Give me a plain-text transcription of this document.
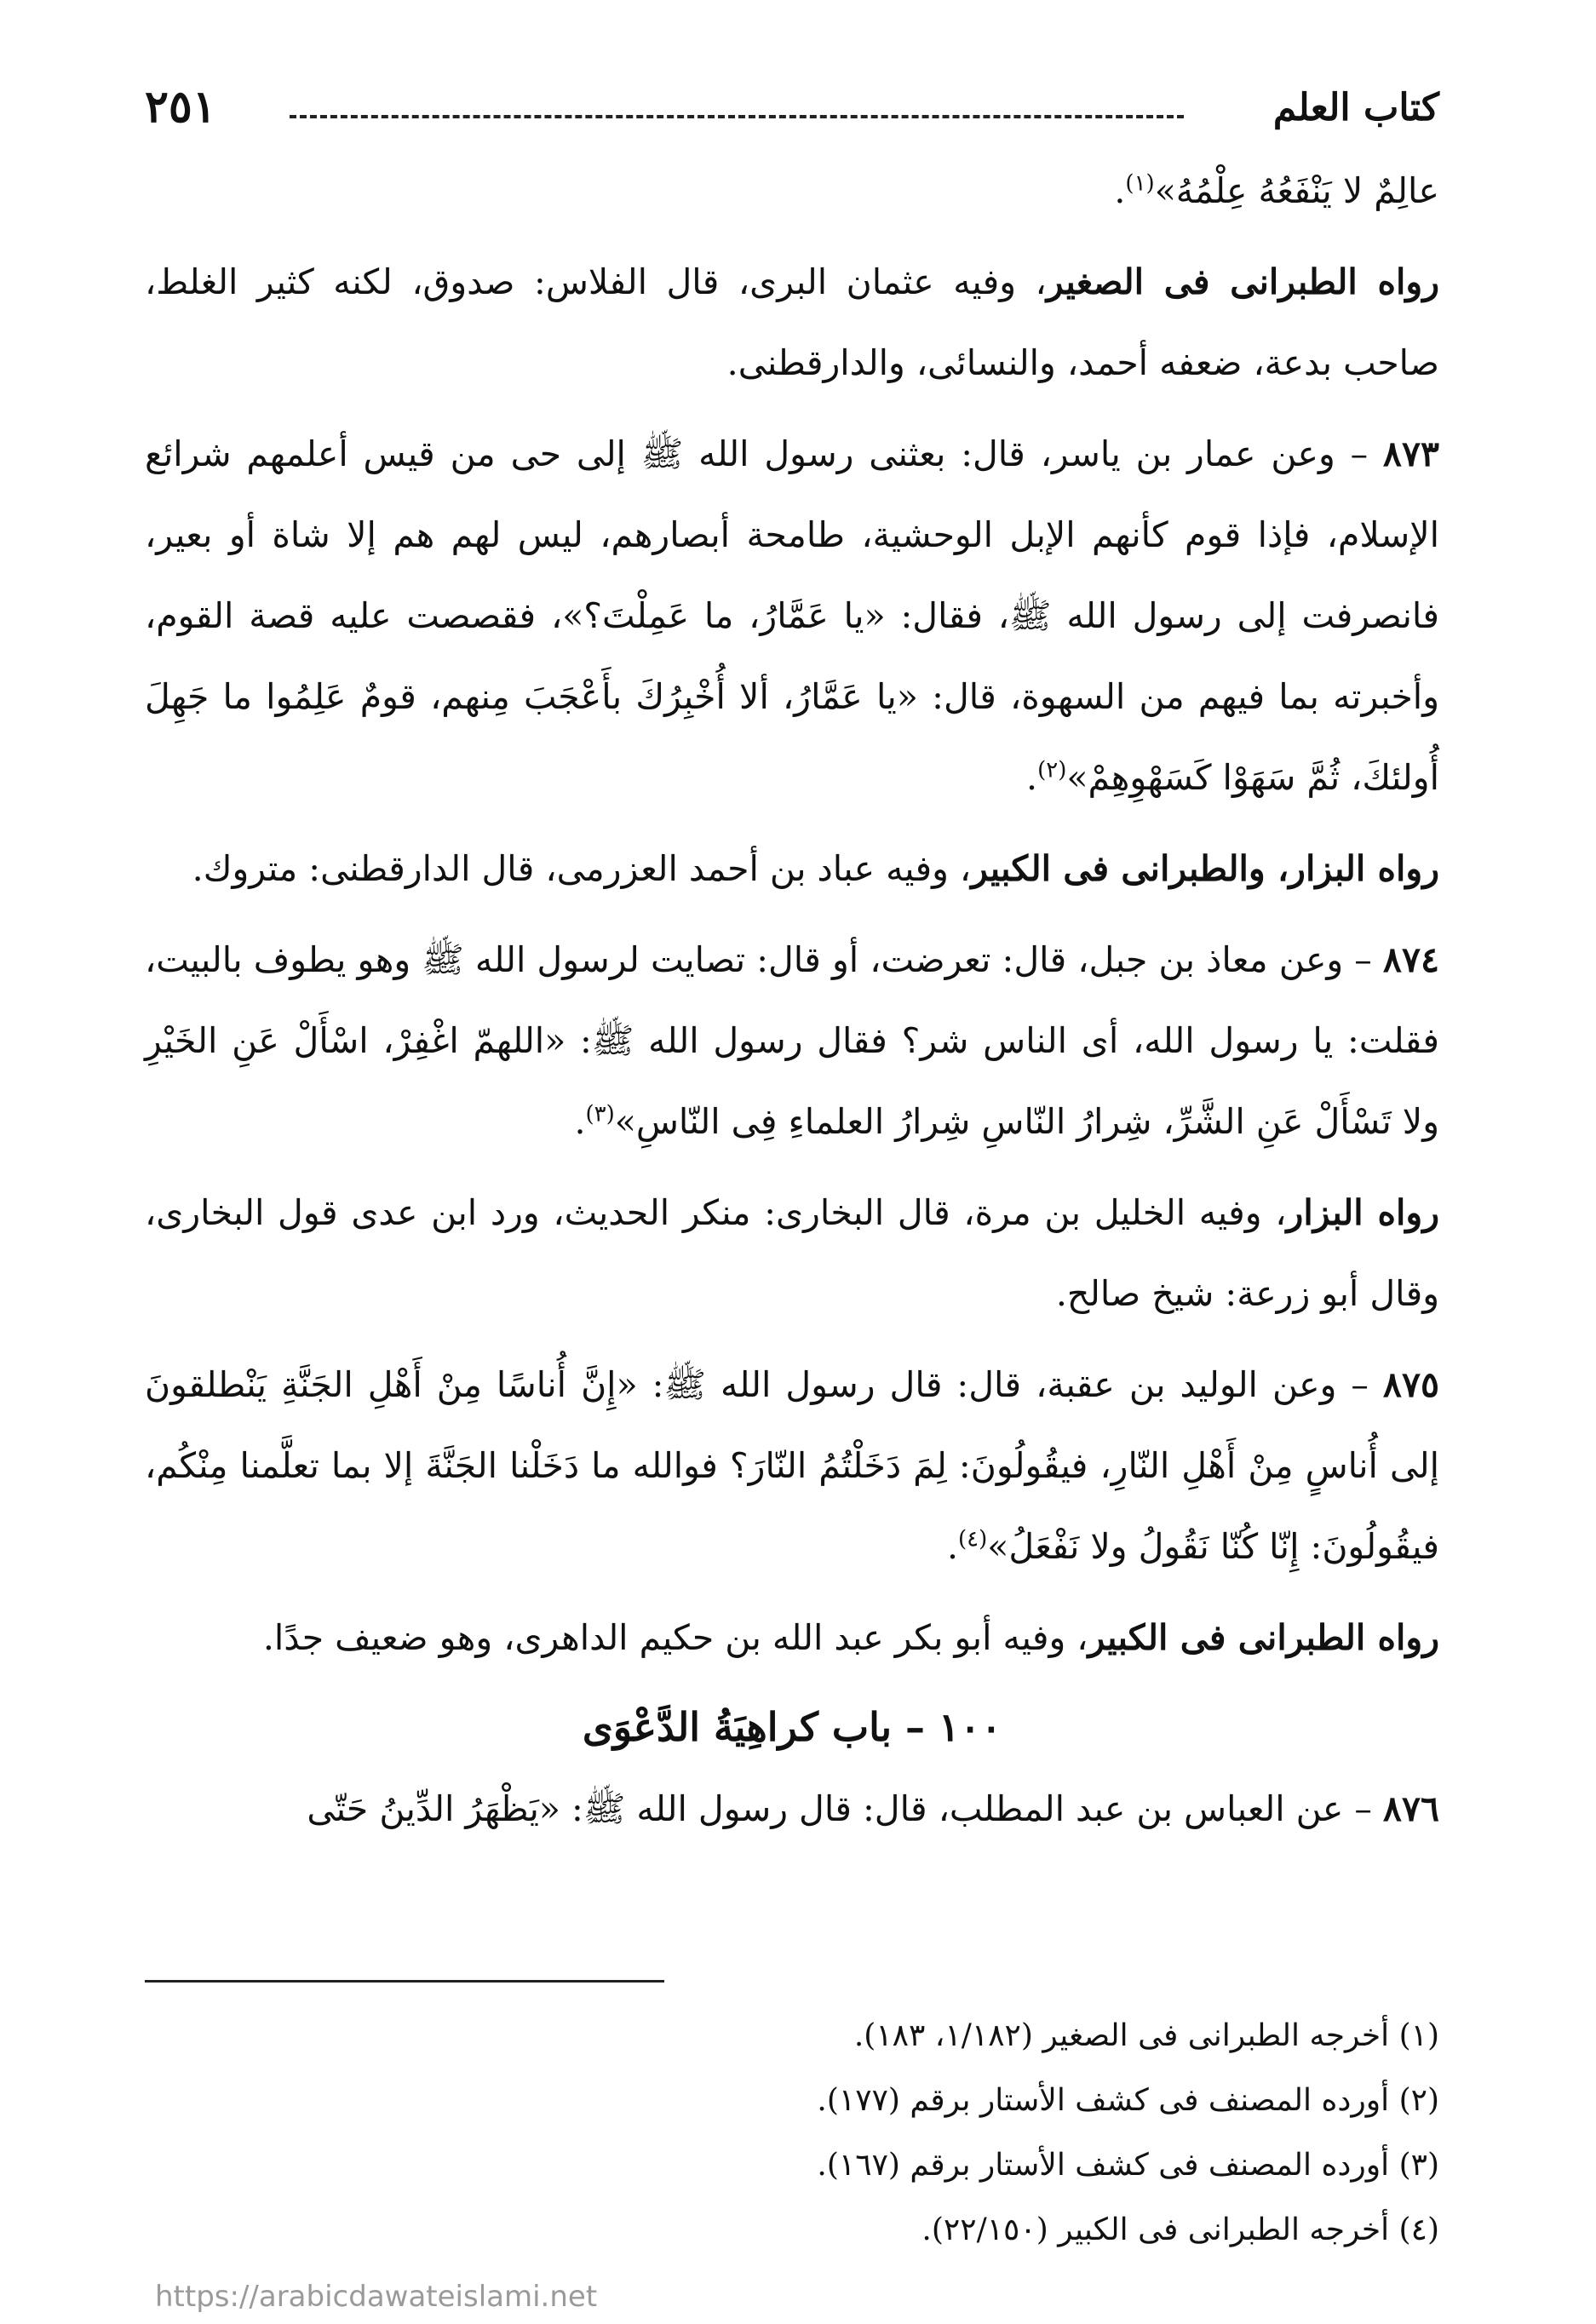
كتاب العلم
٢٥١

عالِمٌ لا يَنْفَعُهُ عِلْمُهُ»$^{(١)}$.

رواه الطبرانى فى الصغير، وفيه عثمان البرى، قال الفلاس: صدوق، لكنه كثير الغلط، صاحب بدعة، ضعفه أحمد، والنسائى، والدارقطنى.

٨٧٣ – وعن عمار بن ياسر، قال: بعثنى رسول الله ﷺ إلى حى من قيس أعلمهم شرائع الإسلام، فإذا قوم كأنهم الإبل الوحشية، طامحة أبصارهم، ليس لهم هم إلا شاة أو بعير، فانصرفت إلى رسول الله ﷺ، فقال: «يا عَمَّارُ، ما عَمِلْتَ؟»، فقصصت عليه قصة القوم، وأخبرته بما فيهم من السهوة، قال: «يا عَمَّارُ، ألا أُخْبِرُكَ بأَعْجَبَ مِنهم، قومٌ عَلِمُوا ما جَهِلَ أُولئكَ، ثُمَّ سَهَوْا كَسَهْوِهِمْ»$^{(٢)}$.

رواه البزار، والطبرانى فى الكبير، وفيه عباد بن أحمد العزرمى، قال الدارقطنى: متروك.

٨٧٤ – وعن معاذ بن جبل، قال: تعرضت، أو قال: تصايت لرسول الله ﷺ وهو يطوف بالبيت، فقلت: يا رسول الله، أى الناس شر؟ فقال رسول الله ﷺ: «اللهمّ اغْفِرْ، اسْأَلْ عَنِ الخَيْرِ ولا تَسْأَلْ عَنِ الشَّرِّ، شِرارُ النّاسِ شِرارُ العلماءِ فِى النّاسِ»$^{(٣)}$.

رواه البزار، وفيه الخليل بن مرة، قال البخارى: منكر الحديث، ورد ابن عدى قول البخارى، وقال أبو زرعة: شيخ صالح.

٨٧٥ – وعن الوليد بن عقبة، قال: قال رسول الله ﷺ: «إِنَّ أُناسًا مِنْ أَهْلِ الجَنَّةِ يَنْطلقونَ إلى أُناسٍ مِنْ أَهْلِ النّارِ، فيقُولُونَ: لِمَ دَخَلْتُمُ النّارَ؟ فوالله ما دَخَلْنا الجَنَّةَ إلا بما تعلَّمنا مِنْكُم، فيقُولُونَ: إِنّا كُنّا نَقُولُ ولا نَفْعَلُ»$^{(٤)}$.

رواه الطبرانى فى الكبير، وفيه أبو بكر عبد الله بن حكيم الداهرى، وهو ضعيف جدًا.

١٠٠ – باب كراهِيَةُ الدَّعْوَى

٨٧٦ – عن العباس بن عبد المطلب، قال: قال رسول الله ﷺ: «يَظْهَرُ الدِّينُ حَتّى

(١) أخرجه الطبرانى فى الصغير (١/١٨٢، ١٨٣).

(٢) أورده المصنف فى كشف الأستار برقم (١٧٧).

(٣) أورده المصنف فى كشف الأستار برقم (١٦٧).

(٤) أخرجه الطبرانى فى الكبير (٢٢/١٥٠).

https://arabicdawateislami.net
